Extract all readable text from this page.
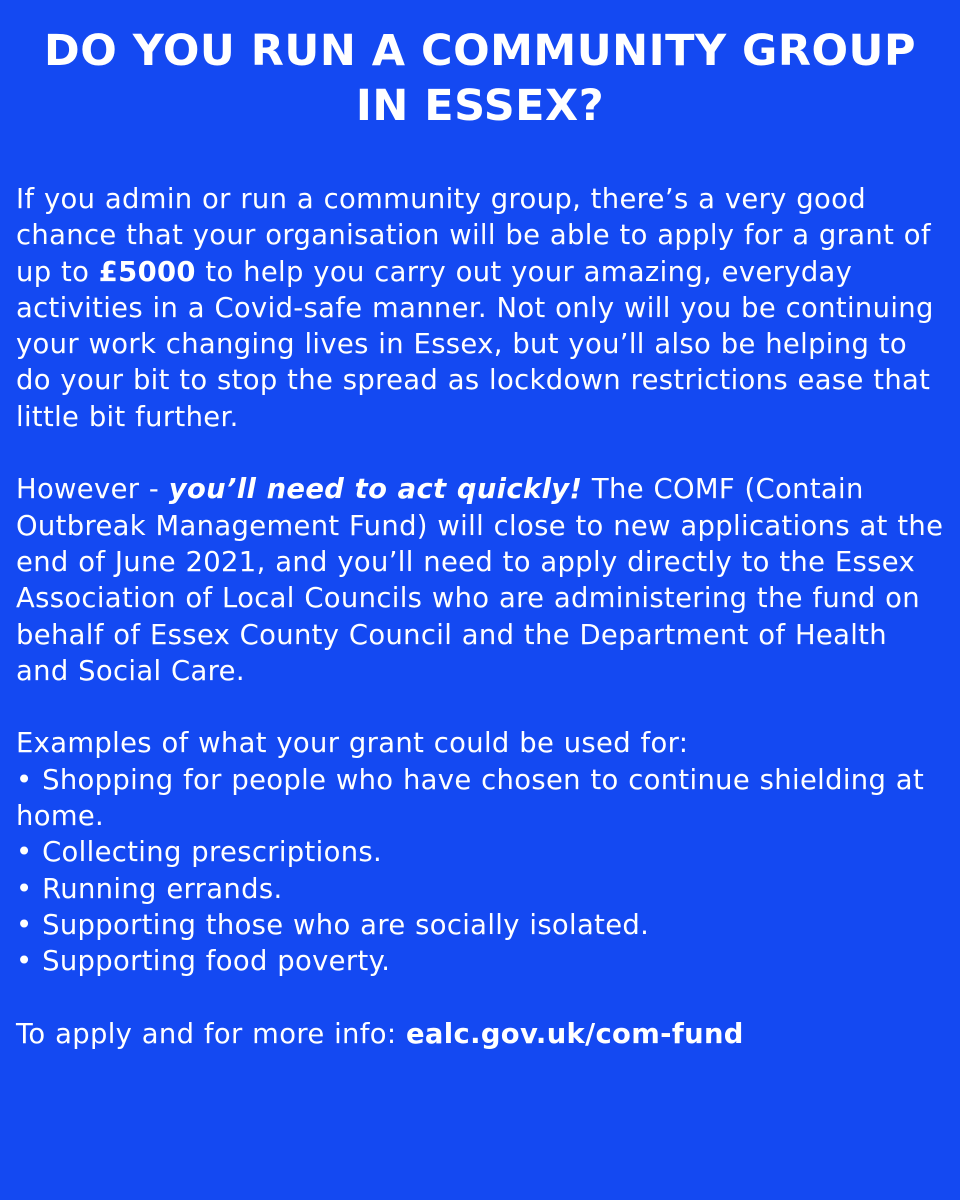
DO YOU RUN A COMMUNITY GROUP IN ESSEX?

If you admin or run a community group, there’s a very good chance that your organisation will be able to apply for a grant of up to £5000 to help you carry out your amazing, everyday activities in a Covid-safe manner. Not only will you be continuing your work changing lives in Essex, but you’ll also be helping to do your bit to stop the spread as lockdown restrictions ease that little bit further.

However - you’ll need to act quickly! The COMF (Contain Outbreak Management Fund) will close to new applications at the end of June 2021, and you’ll need to apply directly to the Essex Association of Local Councils who are administering the fund on behalf of Essex County Council and the Department of Health and Social Care.

Examples of what your grant could be used for:
• Shopping for people who have chosen to continue shielding at home.
• Collecting prescriptions.
• Running errands.
• Supporting those who are socially isolated.
• Supporting food poverty.

To apply and for more info: ealc.gov.uk/com-fund
